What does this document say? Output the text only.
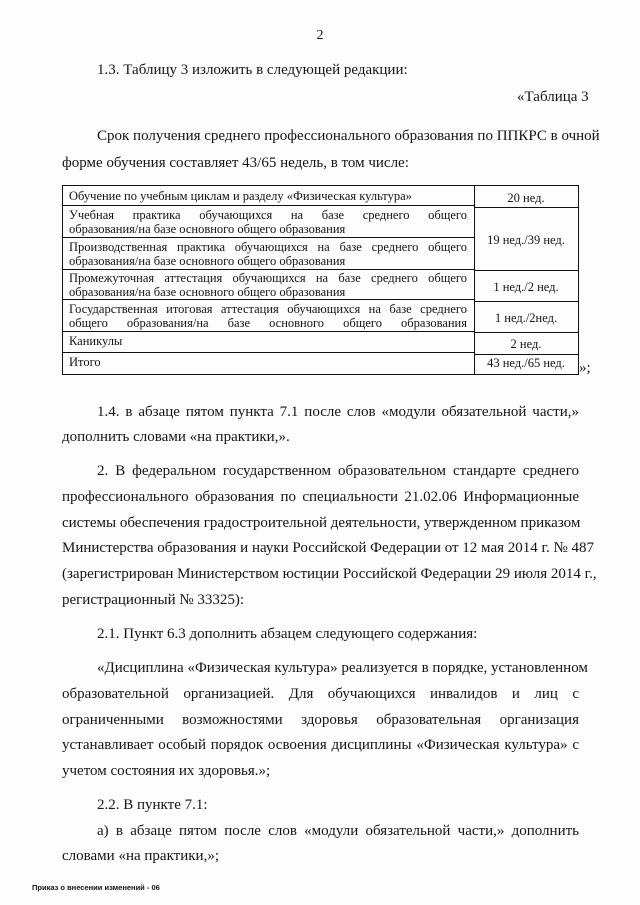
2
1.3. Таблицу 3 изложить в следующей редакции:
«Таблица 3
Срок получения среднего профессионального образования по ППКРС в очной
форме обучения составляет 43/65 недель, в том числе:
Обучение по учебным циклам и разделу «Физическая культура»
Учебная практика обучающихся на базе среднего общего
образования/на базе основного общего образования
Производственная практика обучающихся на базе среднего общего
образования/на базе основного общего образования
Промежуточная аттестация обучающихся на базе среднего общего
образования/на базе основного общего образования
Государственная итоговая аттестация обучающихся на базе среднего
общего образования/на базе основного общего образования
Каникулы
Итого
20 нед.
19 нед./39 нед.
1 нед./2 нед.
1 нед./2нед.
2 нед.
43 нед./65 нед. »;
1.4. в абзаце пятом пункта 7.1 после слов «модули обязательной части,»
дополнить словами «на практики,».
2. В федеральном государственном образовательном стандарте среднего
профессионального образования по специальности 21.02.06 Информационные
системы обеспечения градостроительной деятельности, утвержденном приказом
Министерства образования и науки Российской Федерации от 12 мая 2014 г. № 487
(зарегистрирован Министерством юстиции Российской Федерации 29 июля 2014 г.,
регистрационный № 33325):
2.1. Пункт 6.3 дополнить абзацем следующего содержания:
«Дисциплина «Физическая культура» реализуется в порядке, установленном
образовательной организацией. Для обучающихся инвалидов и лиц с
ограниченными возможностями здоровья образовательная организация
устанавливает особый порядок освоения дисциплины «Физическая культура» с
учетом состояния их здоровья.»;
2.2. В пункте 7.1:
а) в абзаце пятом после слов «модули обязательной части,» дополнить
словами «на практики,»;
Приказ о внесении изменений - 06
